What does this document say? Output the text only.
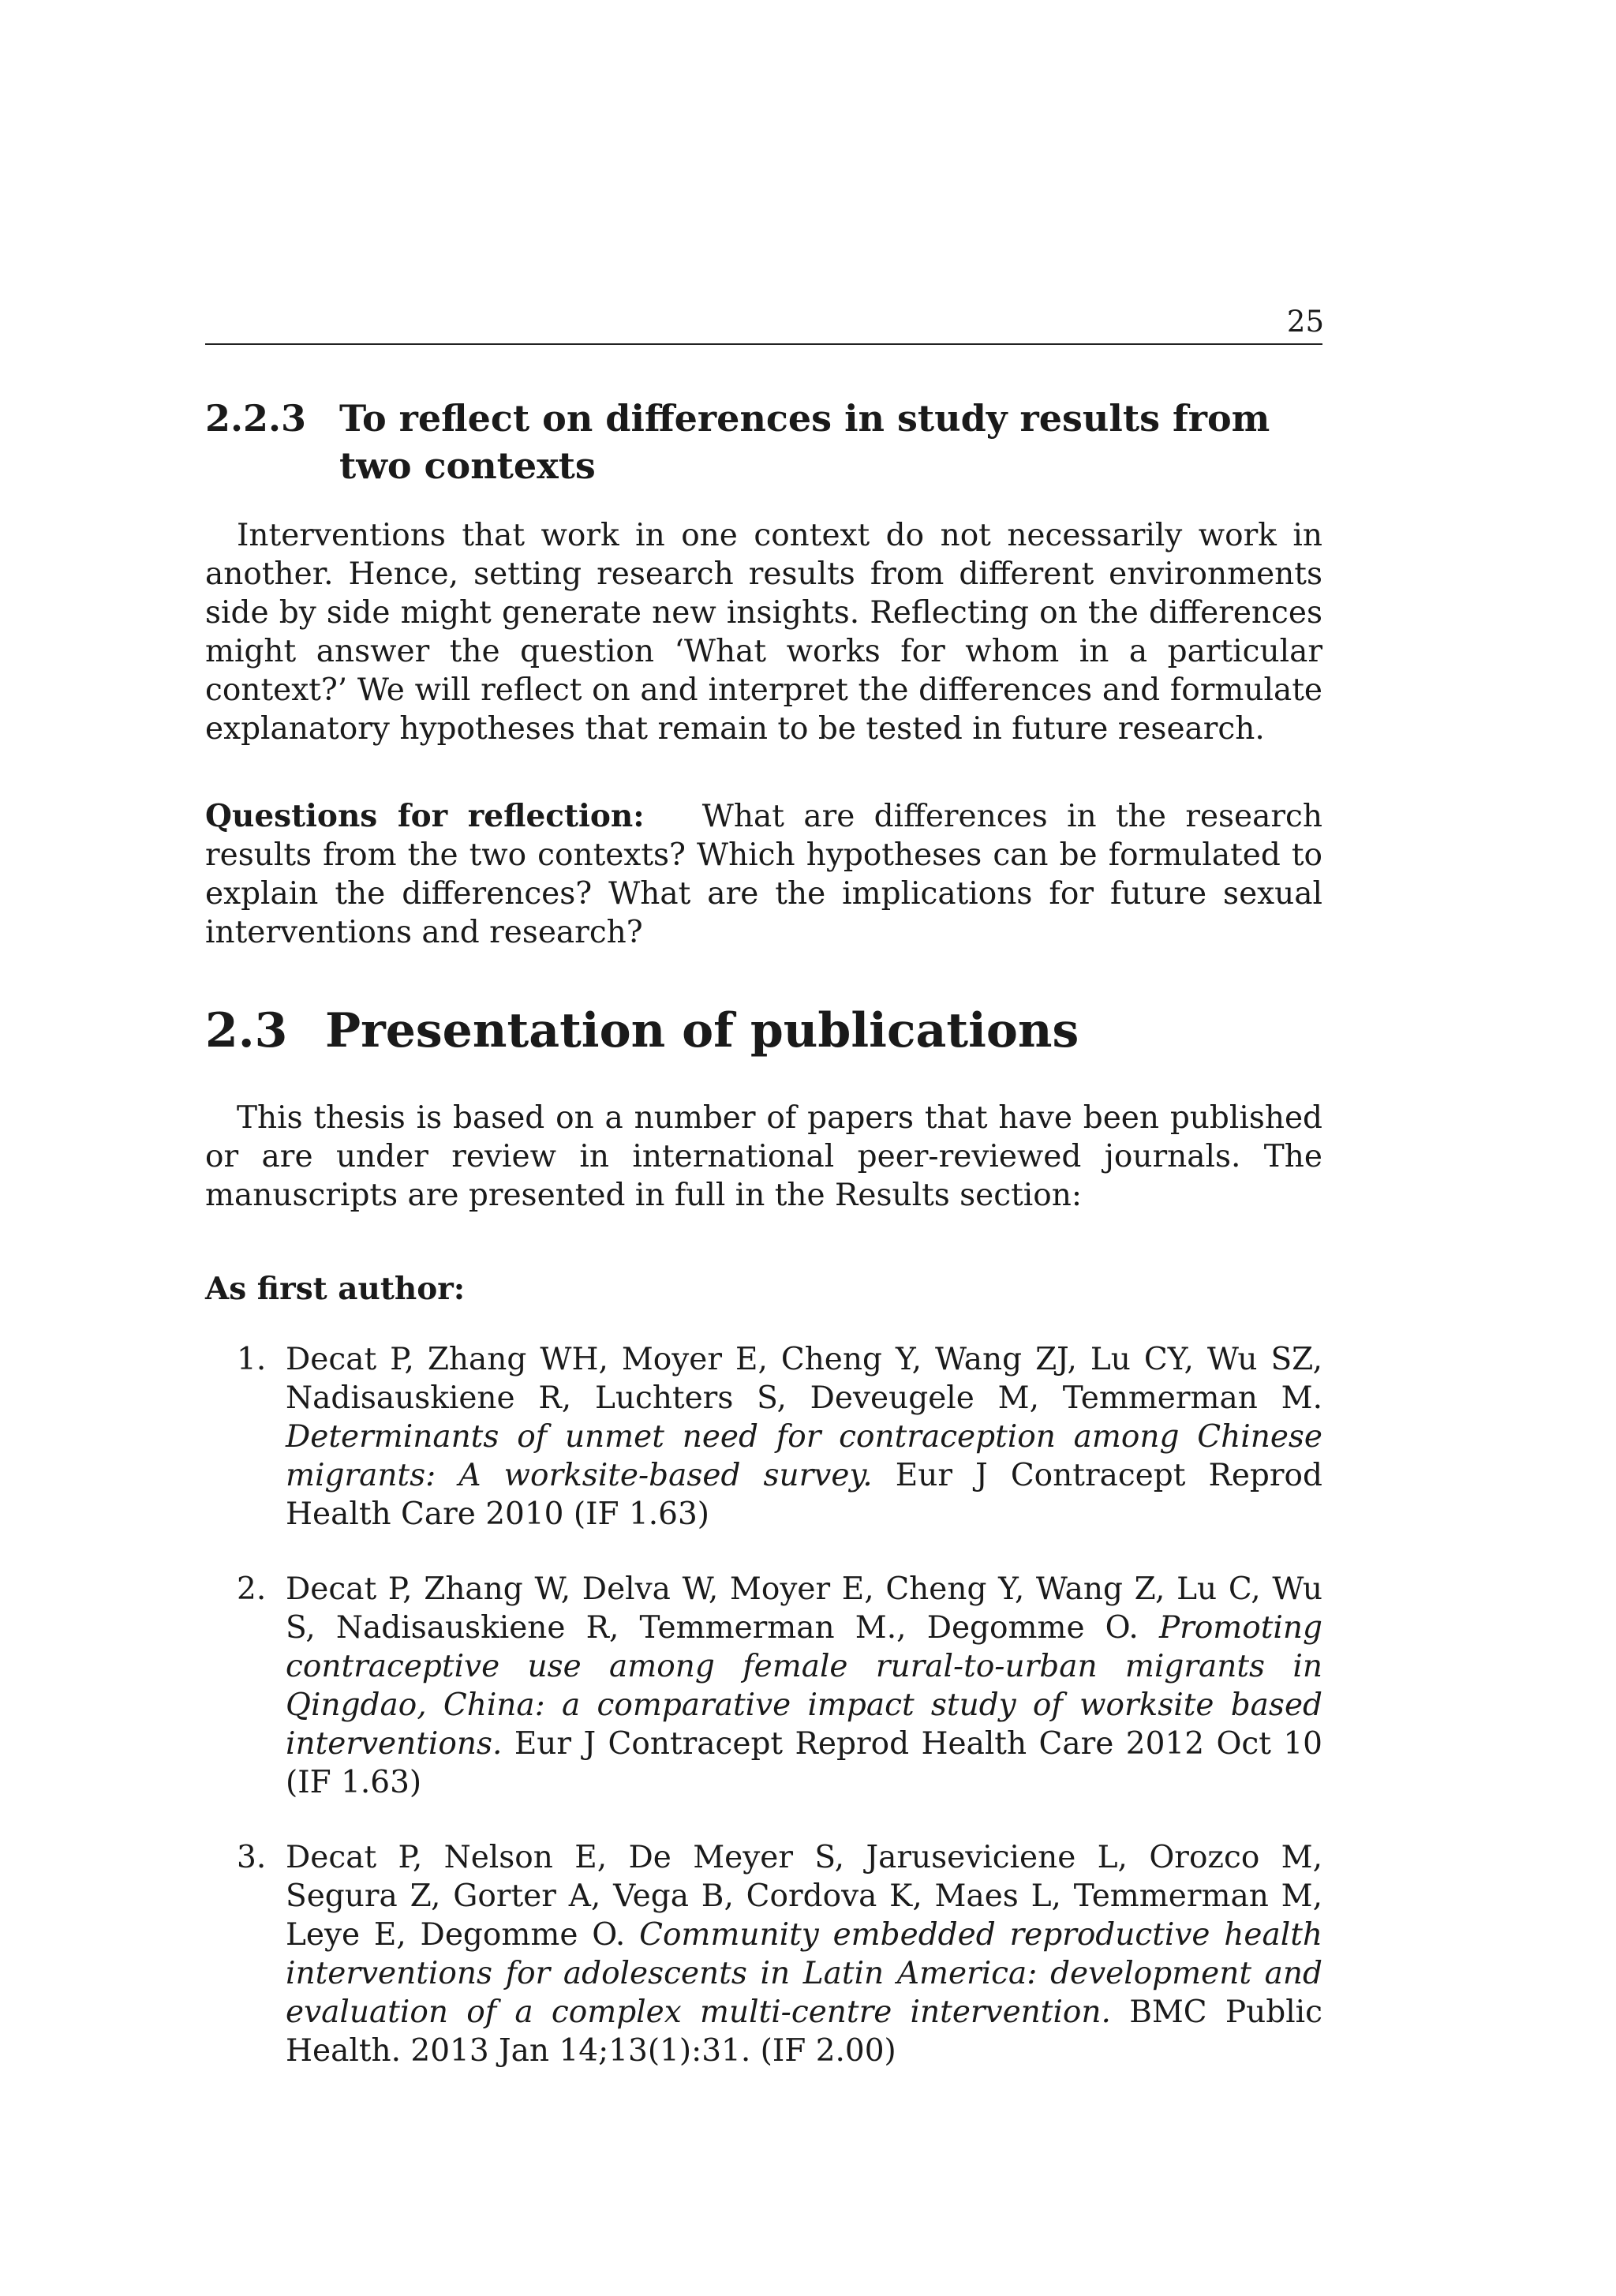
25
2.2.3 To reflect on differences in study results from two contexts

Interventions that work in one context do not necessarily work in another. Hence, setting research results from different environments side by side might generate new insights. Reflecting on the differences might answer the question ‘What works for whom in a particular context?’ We will reflect on and interpret the differences and formulate explanatory hypotheses that remain to be tested in future research.

Questions for reflection: What are differences in the research results from the two contexts? Which hypotheses can be formulated to explain the differences? What are the implications for future sexual interventions and research?

2.3 Presentation of publications

This thesis is based on a number of papers that have been published or are under review in international peer-reviewed journals. The manuscripts are presented in full in the Results section:

As first author:
1. Decat P, Zhang WH, Moyer E, Cheng Y, Wang ZJ, Lu CY, Wu SZ, Nadisauskiene R, Luchters S, Deveugele M, Temmerman M. Determinants of unmet need for contraception among Chinese migrants: A worksite-based survey. Eur J Contracept Reprod Health Care 2010 (IF 1.63)
2. Decat P, Zhang W, Delva W, Moyer E, Cheng Y, Wang Z, Lu C, Wu S, Nadisauskiene R, Temmerman M., Degomme O. Promoting contraceptive use among female rural-to-urban migrants in Qingdao, China: a comparative impact study of worksite based interventions. Eur J Contracept Reprod Health Care 2012 Oct 10 (IF 1.63)
3. Decat P, Nelson E, De Meyer S, Jaruseviciene L, Orozco M, Segura Z, Gorter A, Vega B, Cordova K, Maes L, Temmerman M, Leye E, Degomme O. Community embedded reproductive health interventions for adolescents in Latin America: development and evaluation of a complex multi-centre intervention. BMC Public Health. 2013 Jan 14;13(1):31. (IF 2.00)
